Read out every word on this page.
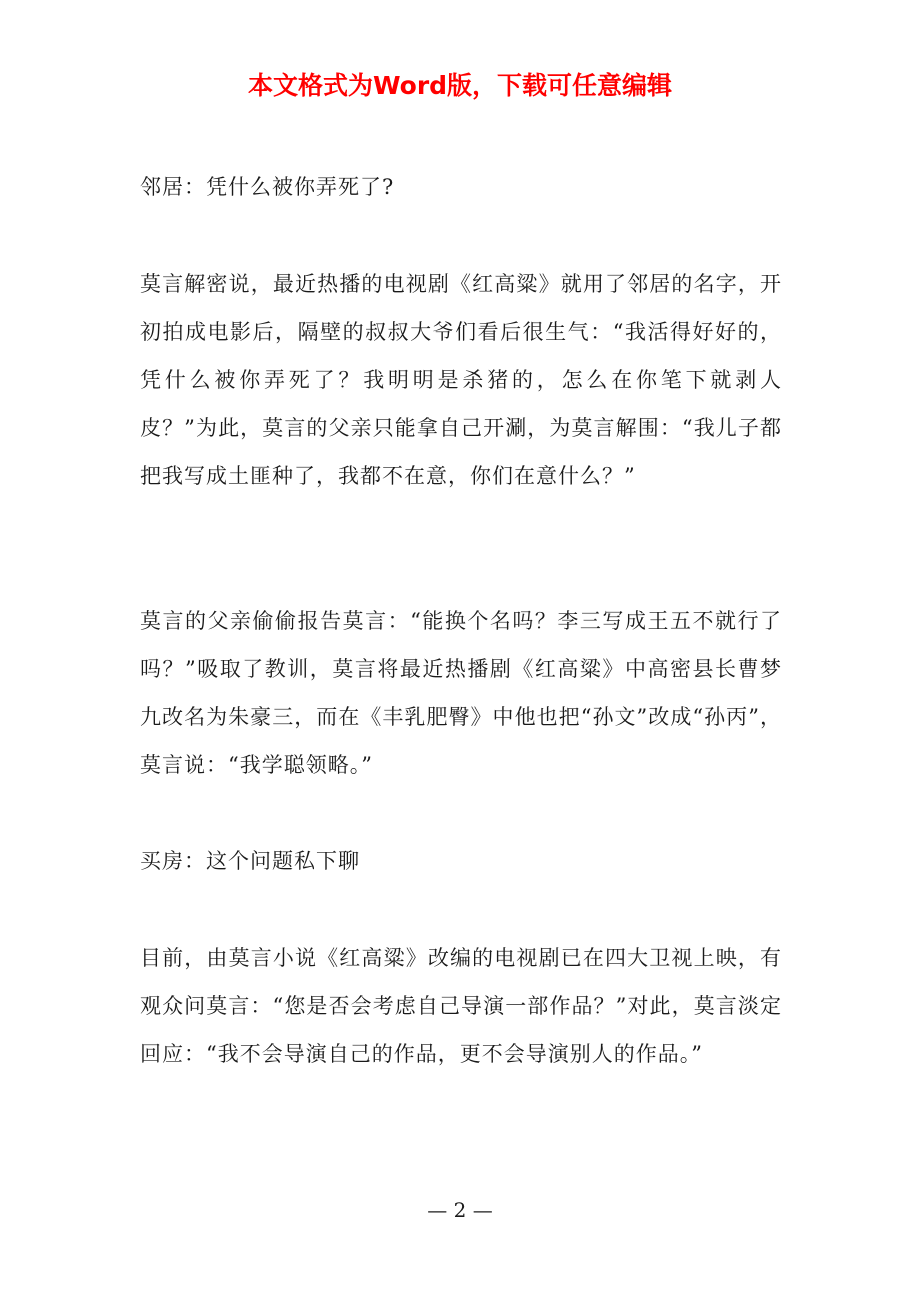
本文格式为Word版，下载可任意编辑

邻居：凭什么被你弄死了?

莫言解密说，最近热播的电视剧《红高粱》就用了邻居的名字，开初拍成电影后，隔壁的叔叔大爷们看后很生气：“我活得好好的，凭什么被你弄死了？我明明是杀猪的，怎么在你笔下就剥人皮？”为此，莫言的父亲只能拿自己开涮，为莫言解围：“我儿子都把我写成土匪种了，我都不在意，你们在意什么？”

莫言的父亲偷偷报告莫言：“能换个名吗？李三写成王五不就行了吗？”吸取了教训，莫言将最近热播剧《红高粱》中高密县长曹梦九改名为朱豪三，而在《丰乳肥臀》中他也把“孙文”改成“孙丙”，莫言说：“我学聪领略。”

买房：这个问题私下聊

目前，由莫言小说《红高粱》改编的电视剧已在四大卫视上映，有观众问莫言：“您是否会考虑自己导演一部作品？”对此，莫言淡定回应：“我不会导演自己的作品，更不会导演别人的作品。”

— 2 —
